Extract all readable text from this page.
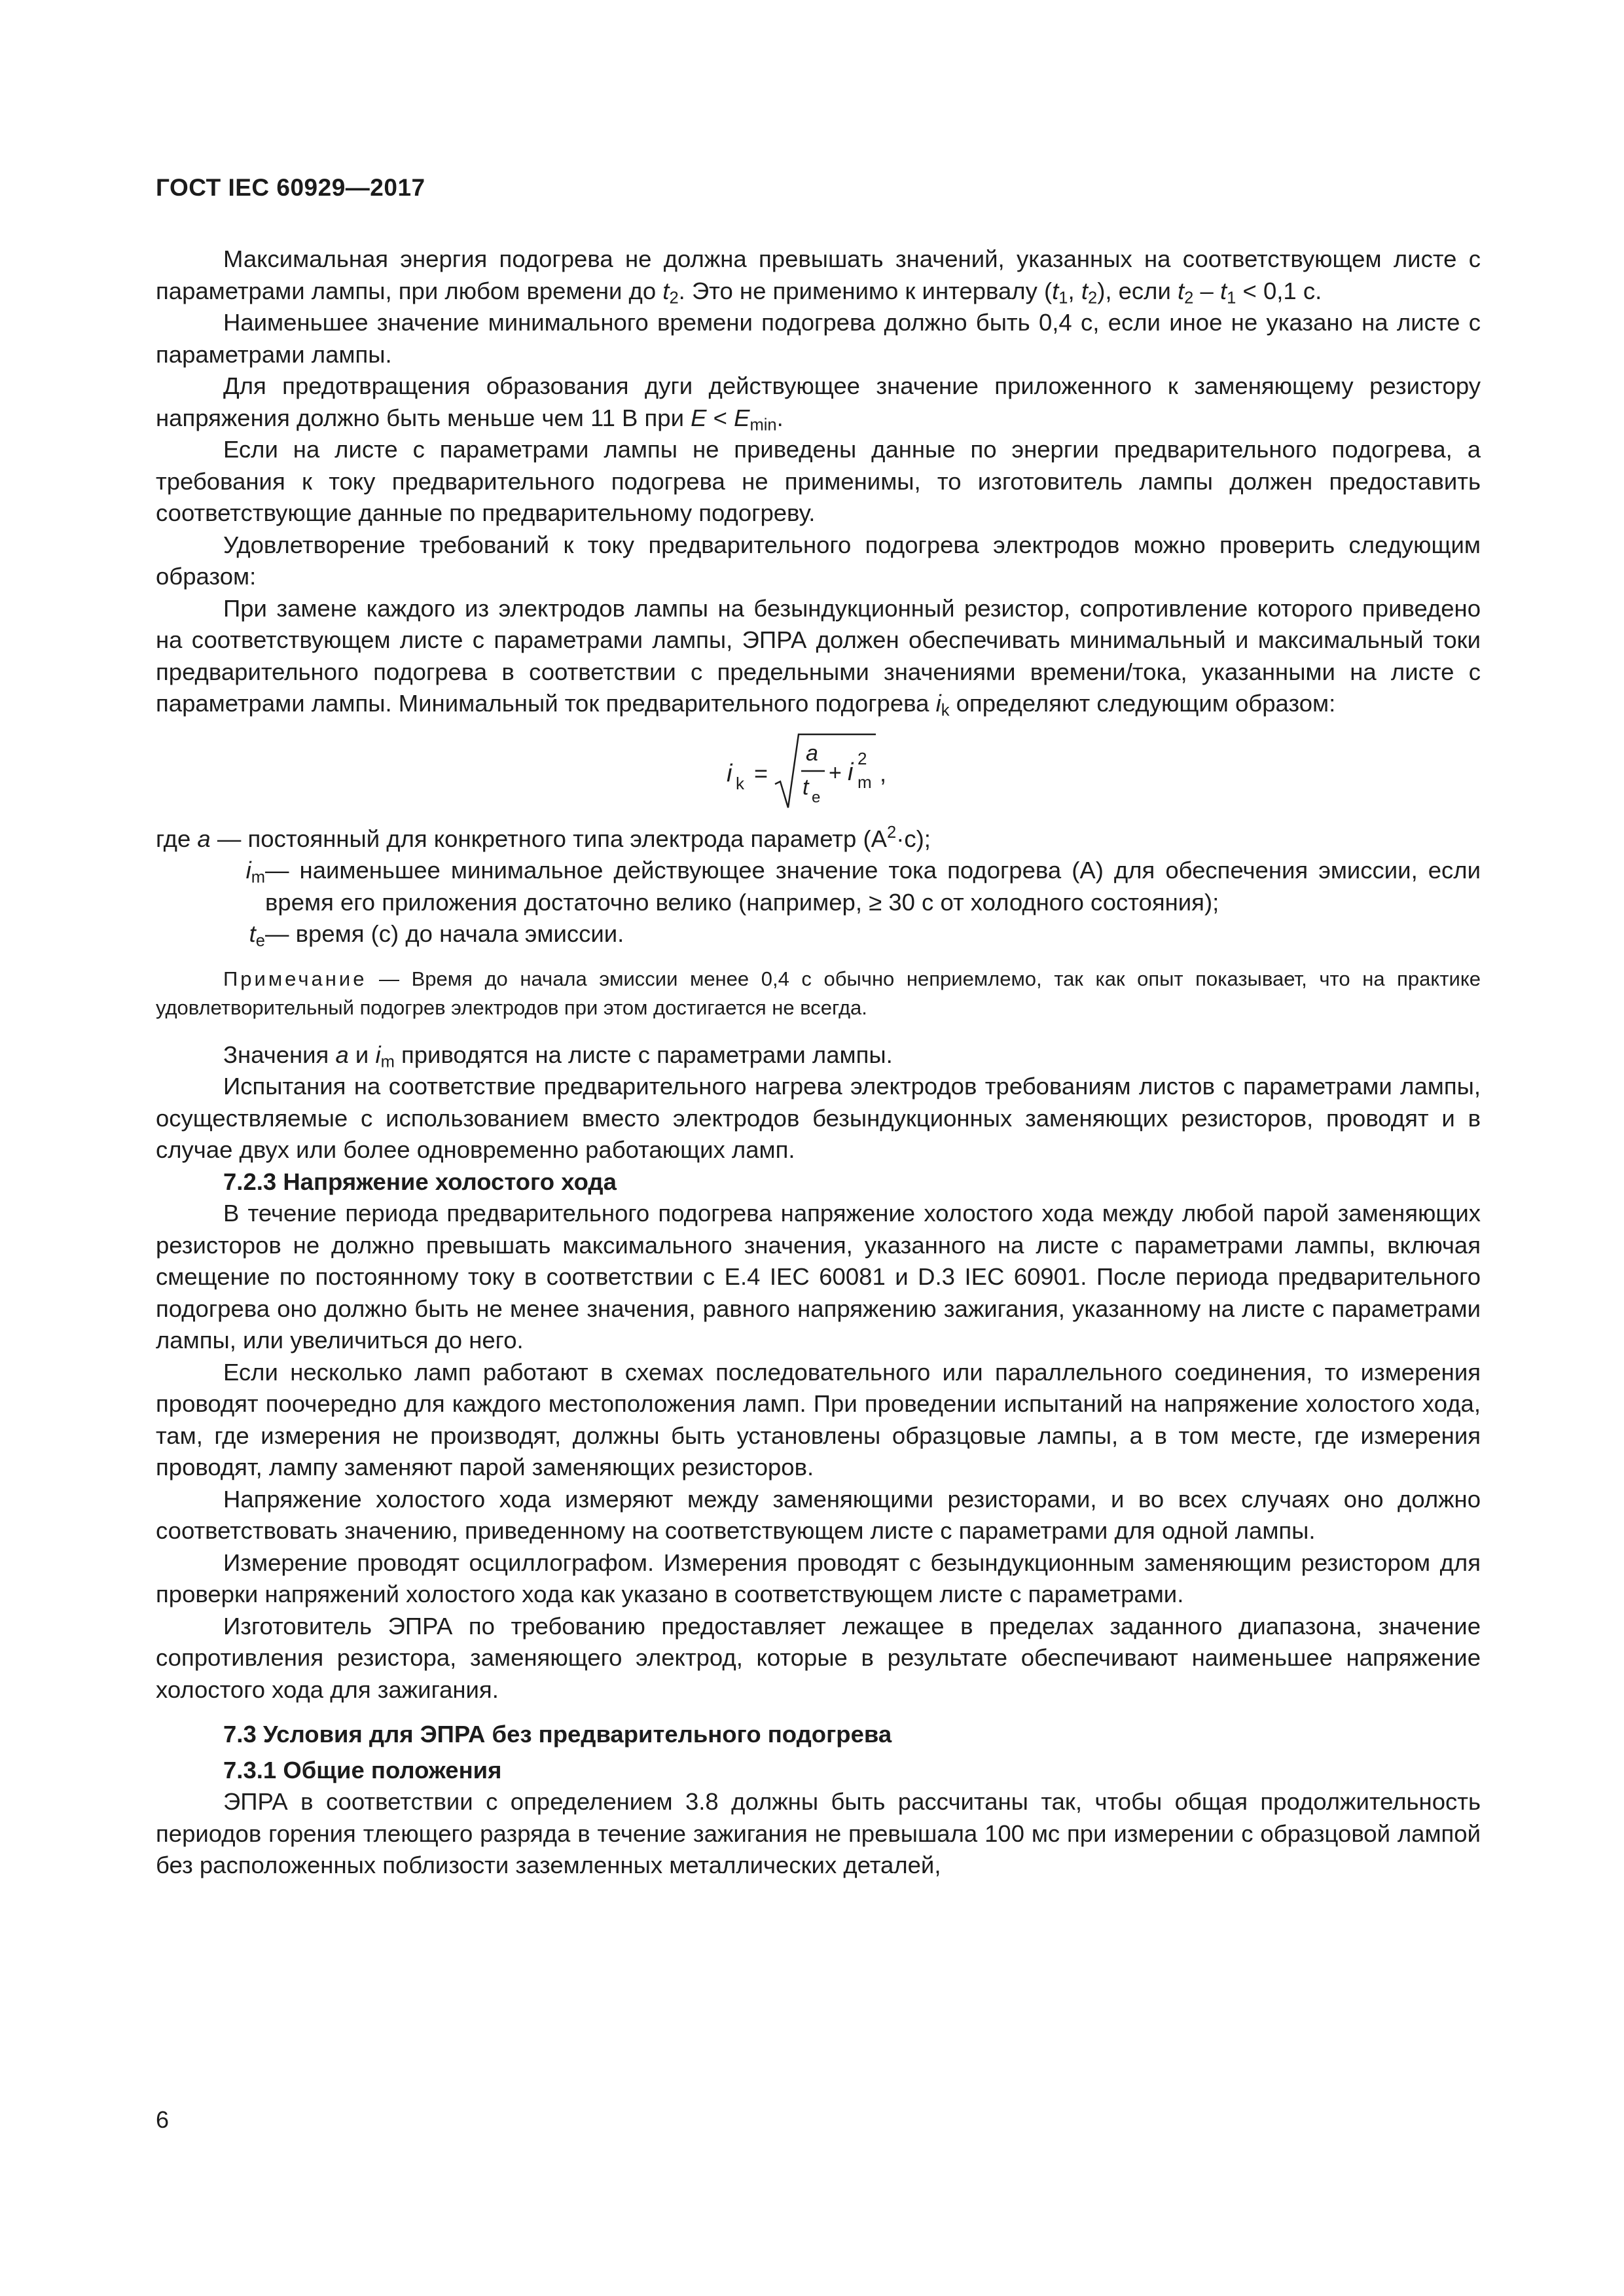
ГОСТ IEC 60929—2017

Максимальная энергия подогрева не должна превышать значений, указанных на соответствующем листе с параметрами лампы, при любом времени до $t_2$. Это не применимо к интервалу ($t_1$, $t_2$), если $t_2 - t_1 < 0,1$ с.

Наименьшее значение минимального времени подогрева должно быть 0,4 с, если иное не указано на листе с параметрами лампы.

Для предотвращения образования дуги действующее значение приложенного к заменяющему резистору напряжения должно быть меньше чем 11 В при $E < E_{min}$.

Если на листе с параметрами лампы не приведены данные по энергии предварительного подогрева, а требования к току предварительного подогрева не применимы, то изготовитель лампы должен предоставить соответствующие данные по предварительному подогреву.

Удовлетворение требований к току предварительного подогрева электродов можно проверить следующим образом:

При замене каждого из электродов лампы на безындукционный резистор, сопротивление которого приведено на соответствующем листе с параметрами лампы, ЭПРА должен обеспечивать минимальный и максимальный токи предварительного подогрева в соответствии с предельными значениями времени/тока, указанными на листе с параметрами лампы. Минимальный ток предварительного подогрева $i_k$ определяют следующим образом:

i k =
a
t e
+ i 2
m ,

где a — постоянный для конкретного типа электрода параметр $(А^2\cdot с)$;

$i_m$ — наименьшее минимальное действующее значение тока подогрева (А) для обеспечения эмиссии, если время его приложения достаточно велико (например, ≥ 30 с от холодного состояния);

$t_e$ — время (с) до начала эмиссии.

Примечание — Время до начала эмиссии менее 0,4 с обычно неприемлемо, так как опыт показывает, что на практике удовлетворительный подогрев электродов при этом достигается не всегда.

Значения a и $i_m$ приводятся на листе с параметрами лампы.

Испытания на соответствие предварительного нагрева электродов требованиям листов с параметрами лампы, осуществляемые с использованием вместо электродов безындукционных заменяющих резисторов, проводят и в случае двух или более одновременно работающих ламп.

7.2.3 Напряжение холостого хода

В течение периода предварительного подогрева напряжение холостого хода между любой парой заменяющих резисторов не должно превышать максимального значения, указанного на листе с параметрами лампы, включая смещение по постоянному току в соответствии с Е.4 IEC 60081 и D.3 IEC 60901. После периода предварительного подогрева оно должно быть не менее значения, равного напряжению зажигания, указанному на листе с параметрами лампы, или увеличиться до него.

Если несколько ламп работают в схемах последовательного или параллельного соединения, то измерения проводят поочередно для каждого местоположения ламп. При проведении испытаний на напряжение холостого хода, там, где измерения не производят, должны быть установлены образцовые лампы, а в том месте, где измерения проводят, лампу заменяют парой заменяющих резисторов.

Напряжение холостого хода измеряют между заменяющими резисторами, и во всех случаях оно должно соответствовать значению, приведенному на соответствующем листе с параметрами для одной лампы.

Измерение проводят осциллографом. Измерения проводят с безындукционным заменяющим резистором для проверки напряжений холостого хода как указано в соответствующем листе с параметрами.

Изготовитель ЭПРА по требованию предоставляет лежащее в пределах заданного диапазона, значение сопротивления резистора, заменяющего электрод, которые в результате обеспечивают наименьшее напряжение холостого хода для зажигания.

7.3 Условия для ЭПРА без предварительного подогрева

7.3.1 Общие положения

ЭПРА в соответствии с определением 3.8 должны быть рассчитаны так, чтобы общая продолжительность периодов горения тлеющего разряда в течение зажигания не превышала 100 мс при измерении с образцовой лампой без расположенных поблизости заземленных металлических деталей,

6
